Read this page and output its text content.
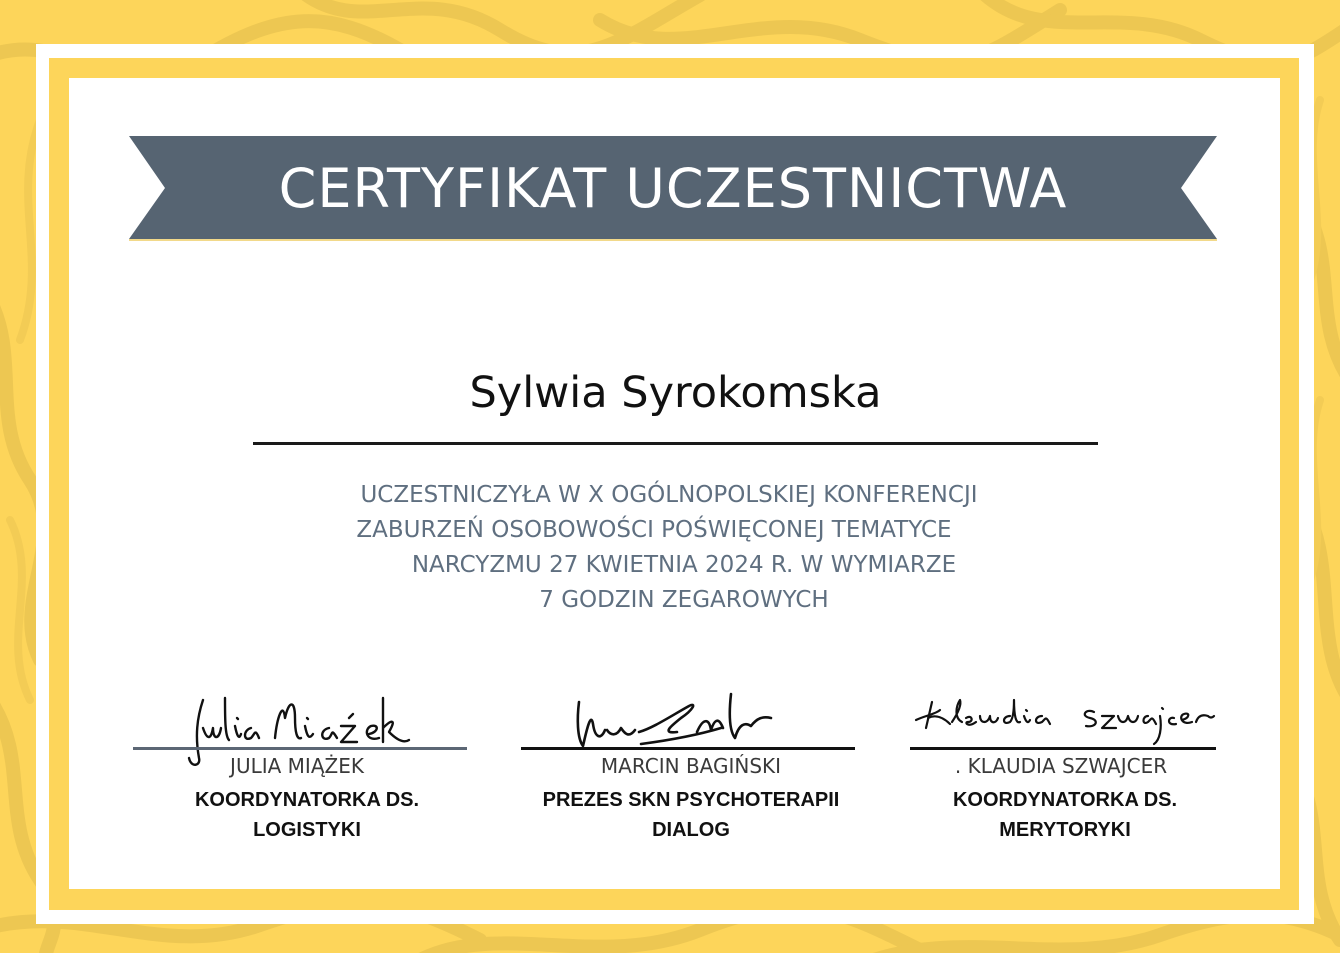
CERTYFIKAT UCZESTNICTWA
Sylwia Syrokomska
UCZESTNICZYŁA W X OGÓLNOPOLSKIEJ KONFERENCJI
ZABURZEŃ OSOBOWOŚCI POŚWIĘCONEJ TEMATYCE
NARCYZMU 27 KWIETNIA 2024 R. W WYMIARZE
7 GODZIN ZEGAROWYCH
JULIA MIĄŻEK
KOORDYNATORKA DS.
LOGISTYKI
MARCIN BAGIŃSKI
PREZES SKN PSYCHOTERAPII
DIALOG
. KLAUDIA SZWAJCER
KOORDYNATORKA DS.
MERYTORYKI
